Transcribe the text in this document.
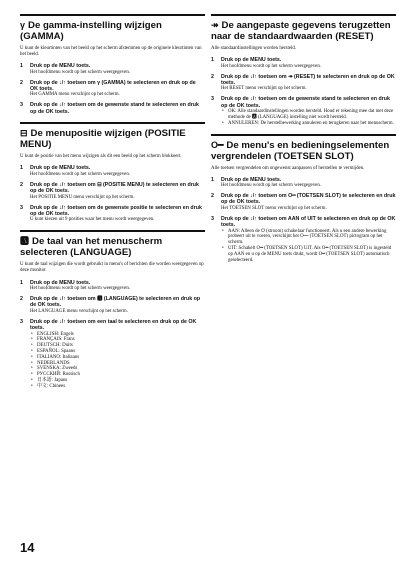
γ De gamma-instelling wijzigen (GAMMA)

U kunt de kleurtinten van het beeld op het scherm afstemmen op de originele kleurtinten van het beeld.

1	Druk op de MENU toets.
Het hoofdmenu wordt op het scherm weergegeven.
2	Druk op de ↓/↑ toetsen om γ (GAMMA) te selecteren en druk op de OK toets.
Het GAMMA menu verschijnt op het scherm.
3	Druk op de ↓/↑ toetsen om de gewenste stand te selecteren en druk op de OK toets.
⊟ De menupositie wijzigen (POSITIE MENU)

U kunt de positie van het menu wijzigen als dit een beeld op het scherm blokkeert.

1	Druk op de MENU toets.
Het hoofdmenu wordt op het scherm weergegeven.
2	Druk op de ↓/↑ toetsen om ⊟ (POSITIE MENU) te selecteren en druk op de OK toets.
Het POSITIE MENU menu verschijnt op het scherm.
3	Druk op de ↓/↑ toetsen om de gewenste positie te selecteren en druk op de OK toets.
U kunt kiezen uit 9 posities waar het menu wordt weergegeven.
🅰 De taal van het menuscherm selecteren (LANGUAGE)

U kunt de taal wijzigen die wordt gebruikt in menu's of berichten die worden weergegeven op deze monitor.

1	Druk op de MENU toets.
Het hoofdmenu wordt op het scherm weergegeven.
2	Druk op de ↓/↑ toetsen om 🅰 (LANGUAGE) te selecteren en druk op de OK toets.
Het LANGUAGE menu verschijnt op het scherm.
3	Druk op de ↓/↑ toetsen om een taal te selecteren en druk op de OK toets.
• ENGLISH: Engels
• FRANÇAIS: Frans
• DEUTSCH: Duits
• ESPAÑOL: Spaans
• ITALIANO: Italiaans
• NEDERLANDS
• SVENSKA: Zweeds
• РУССКИЙ: Russisch
• 日本語: Japans
• 中文: Chinees
↠ De aangepaste gegevens terugzetten naar de standaardwaarden (RESET)

Alle standaardinstellingen worden hersteld.

1	Druk op de MENU toets.
Het hoofdmenu wordt op het scherm weergegeven.
2	Druk op de ↓/↑ toetsen om ↠ (RESET) te selecteren en druk op de OK toets.
Het RESET menu verschijnt op het scherm.
3	Druk op de ↓/↑ toetsen om de gewenste stand te selecteren en druk op de OK toets.
• OK: Alle standaardinstellingen worden hersteld. Houd er rekening mee dat met deze methode de 🅰 (LANGUAGE) instelling niet wordt hersteld.
• ANNULEREN: De herstelbewerking annuleren en terugkeren naar het menuscherm.
O━ De menu's en bedieningselementen vergrendelen (TOETSEN SLOT)

Alle toetsen vergrendelen om ongewenst aanpassen of herstellen te vermijden.

1	Druk op de MENU toets.
Het hoofdmenu wordt op het scherm weergegeven.
2	Druk op de ↓/↑ toetsen om O━ (TOETSEN SLOT) te selecteren en druk op de OK toets.
Het TOETSEN SLOT menu verschijnt op het scherm.
3	Druk op de ↓/↑ toetsen om AAN of UIT te selecteren en druk op de OK toets.
• AAN: Alleen de ⏻ (stroom) schakelaar functioneert. Als u een andere bewerking probeert uit te voeren, verschijnt het O━ (TOETSEN SLOT) pictogram op het scherm.
• UIT: Schakelt O━ (TOETSEN SLOT) UIT. Als O━ (TOETSEN SLOT) is ingesteld op AAN en u op de MENU toets drukt, wordt O━ (TOETSEN SLOT) automatisch geselecteerd.
14
